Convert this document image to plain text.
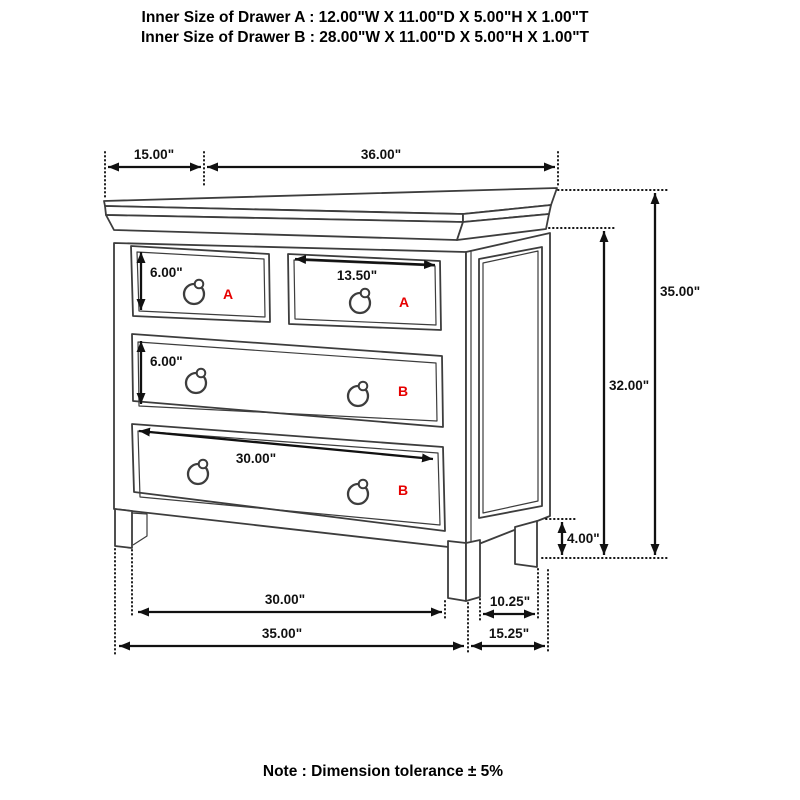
Inner Size of Drawer A : 12.00"W X 11.00"D X 5.00"H X 1.00"T
Inner Size of Drawer B : 28.00"W X 11.00"D X 5.00"H X 1.00"T
A	A
B
B
15.00"	36.00"
35.00"
32.00"
4.00"
6.00"	13.50"
6.00"
30.00"
30.00"	10.25"
35.00"	15.25"
Note : Dimension tolerance ± 5%
